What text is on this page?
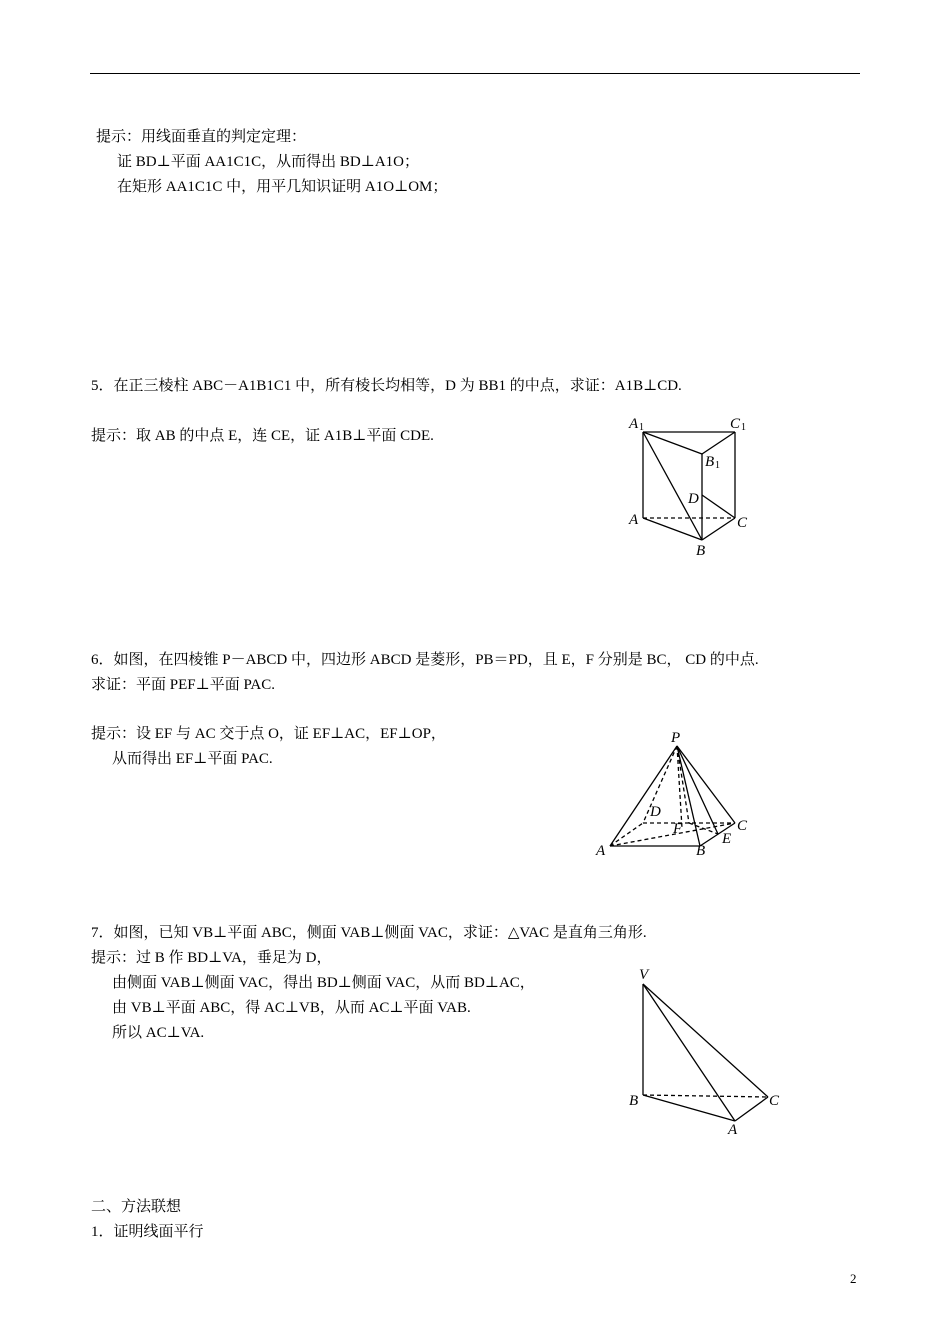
提示：用线面垂直的判定定理：
证 BD⊥平面 AA1C1C，从而得出 BD⊥A1O；
在矩形 AA1C1C 中，用平几知识证明 A1O⊥OM；
5．在正三棱柱 ABC－A1B1C1 中，所有棱长均相等，D 为 BB1 的中点，求证：A1B⊥CD.
提示：取 AB 的中点 E，连 CE，证 A1B⊥平面 CDE.
A 1	C 1
B 1
D
A	C
B
6．如图，在四棱锥 P－ABCD 中，四边形 ABCD 是菱形，PB＝PD，且 E，F 分别是 BC， CD 的中点.
求证：平面 PEF⊥平面 PAC.
提示：设 EF 与 AC 交于点 O，证 EF⊥AC，EF⊥OP，
从而得出 EF⊥平面 PAC.
P
D
F	C
E
A	B
7．如图，已知 VB⊥平面 ABC，侧面 VAB⊥侧面 VAC，求证：△VAC 是直角三角形.
提示：过 B 作 BD⊥VA，垂足为 D，
由侧面 VAB⊥侧面 VAC，得出 BD⊥侧面 VAC，从而 BD⊥AC，
由 VB⊥平面 ABC，得 AC⊥VB，从而 AC⊥平面 VAB.
所以 AC⊥VA.
V
B	C
A
二、方法联想
1．证明线面平行
2
